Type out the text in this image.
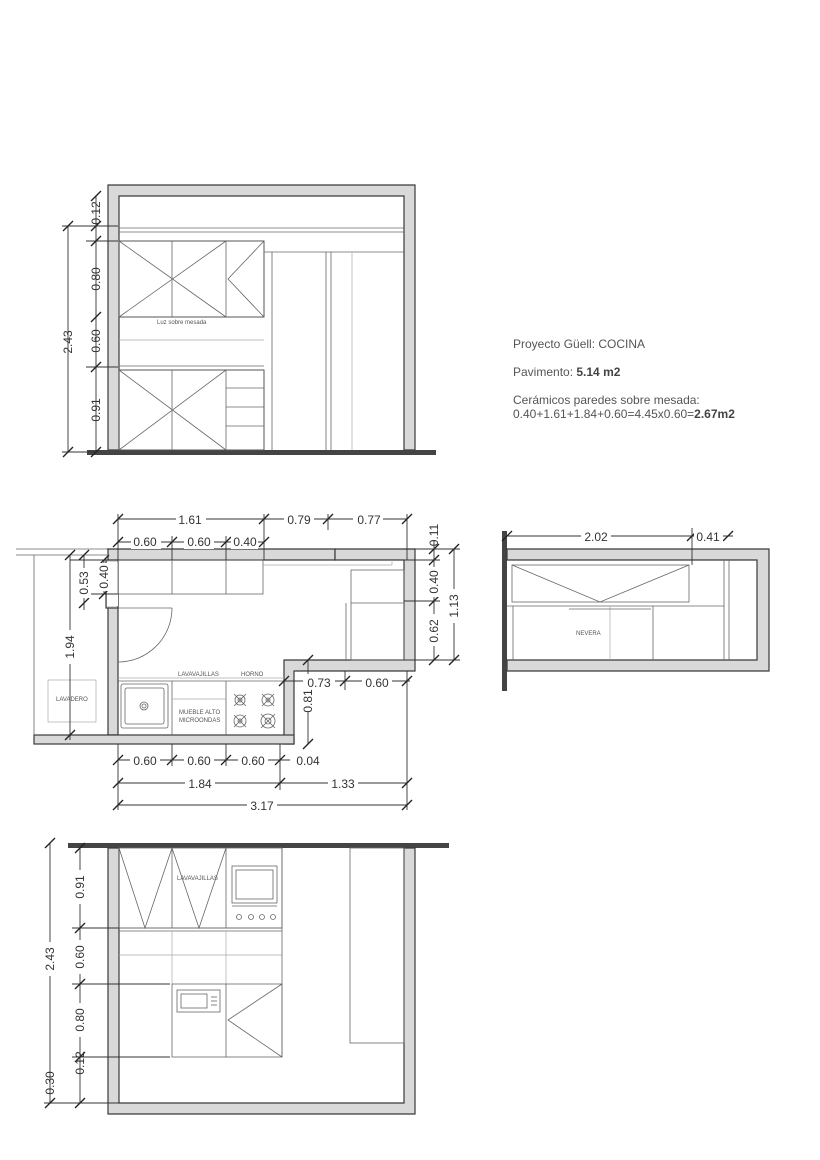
Luz sobre mesada
0.12
0.80
0.60
0.91
2.43
LAVADERO
LAVAVAJILLAS	HORNO
MUEBLE ALTO
MICROONDAS
1.61	0.79	0.77
0.60	0.60 0.40	0.11
0.40
0.62
1.13
0.53 0.40
1.94
0.73	0.60
0.81
0.60	0.60	0.60	0.04
1.84	1.33
3.17
NEVERA
2.02	0.41
LAVAVAJILLAS
0.91
0.60
0.80
0.12
0.30
2.43

Proyecto Güell: COCINA

Pavimento: 5.14 m2

Cerámicos paredes sobre mesada:
0.40+1.61+1.84+0.60=4.45x0.60=2.67m2
